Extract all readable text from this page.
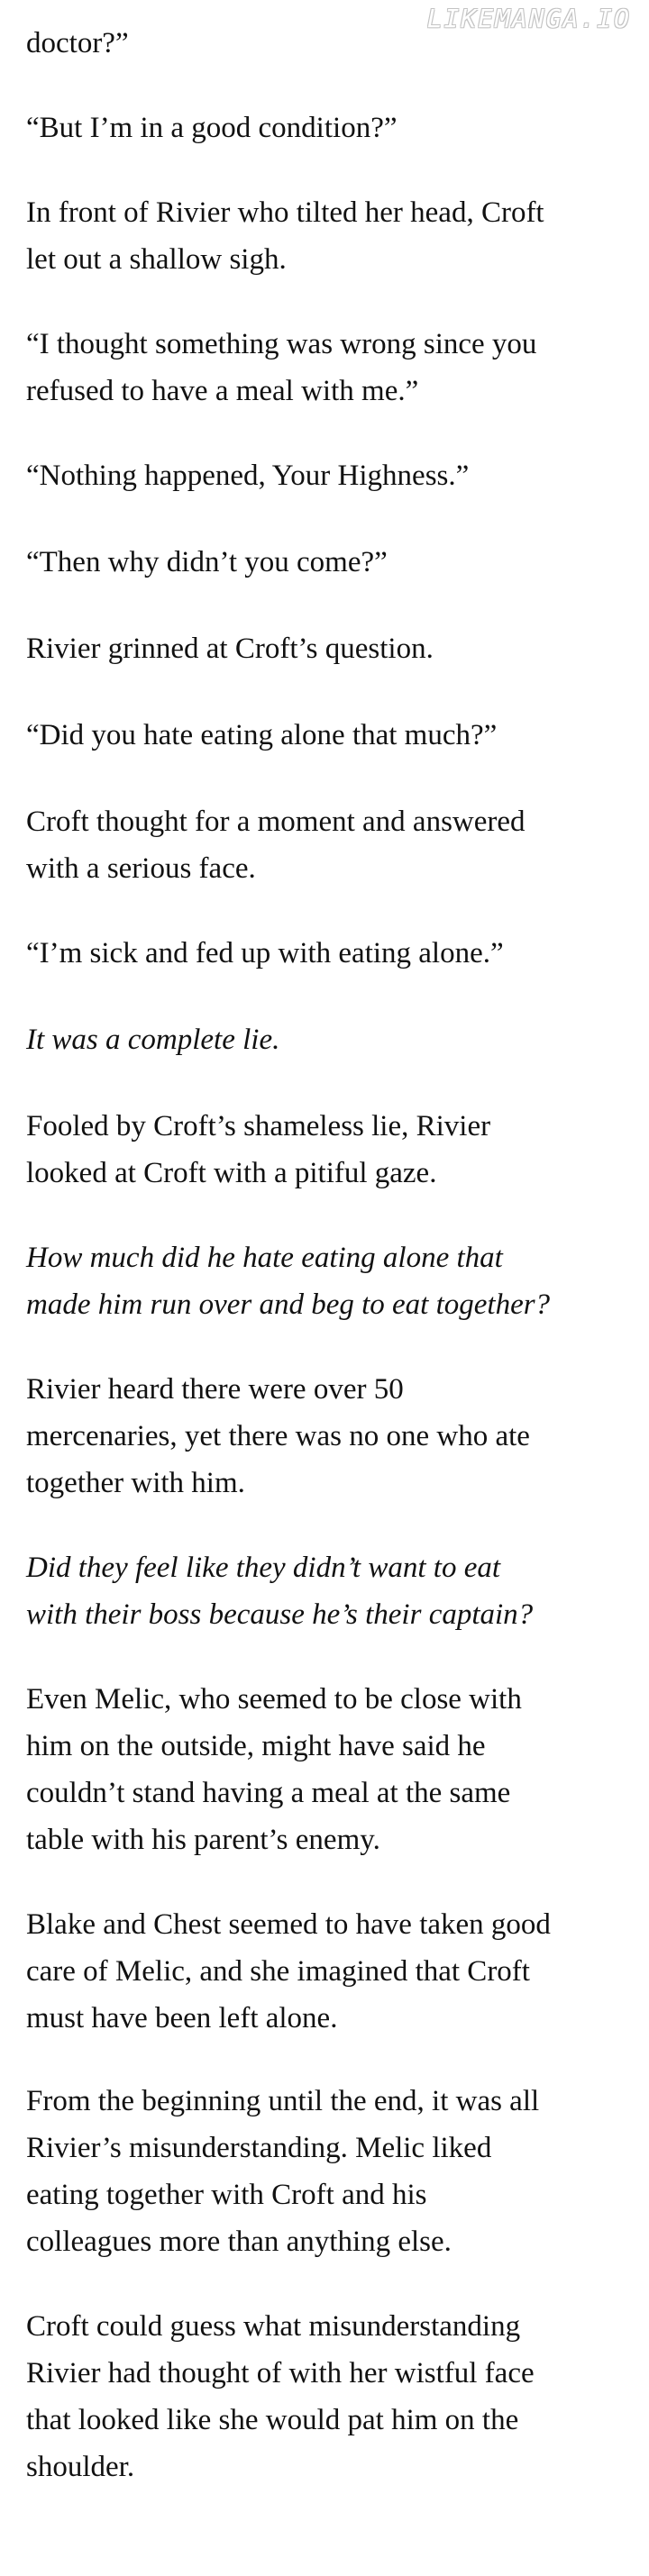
LIKEMANGA.IO

doctor?”

“But I’m in a good condition?”

In front of Rivier who tilted her head, Croft
let out a shallow sigh.

“I thought something was wrong since you
refused to have a meal with me.”

“Nothing happened, Your Highness.”

“Then why didn’t you come?”

Rivier grinned at Croft’s question.

“Did you hate eating alone that much?”

Croft thought for a moment and answered
with a serious face.

“I’m sick and fed up with eating alone.”

It was a complete lie.

Fooled by Croft’s shameless lie, Rivier
looked at Croft with a pitiful gaze.

How much did he hate eating alone that
made him run over and beg to eat together?

Rivier heard there were over 50
mercenaries, yet there was no one who ate
together with him.

Did they feel like they didn’t want to eat
with their boss because he’s their captain?

Even Melic, who seemed to be close with
him on the outside, might have said he
couldn’t stand having a meal at the same
table with his parent’s enemy.

Blake and Chest seemed to have taken good
care of Melic, and she imagined that Croft
must have been left alone.

From the beginning until the end, it was all
Rivier’s misunderstanding. Melic liked
eating together with Croft and his
colleagues more than anything else.

Croft could guess what misunderstanding
Rivier had thought of with her wistful face
that looked like she would pat him on the
shoulder.
